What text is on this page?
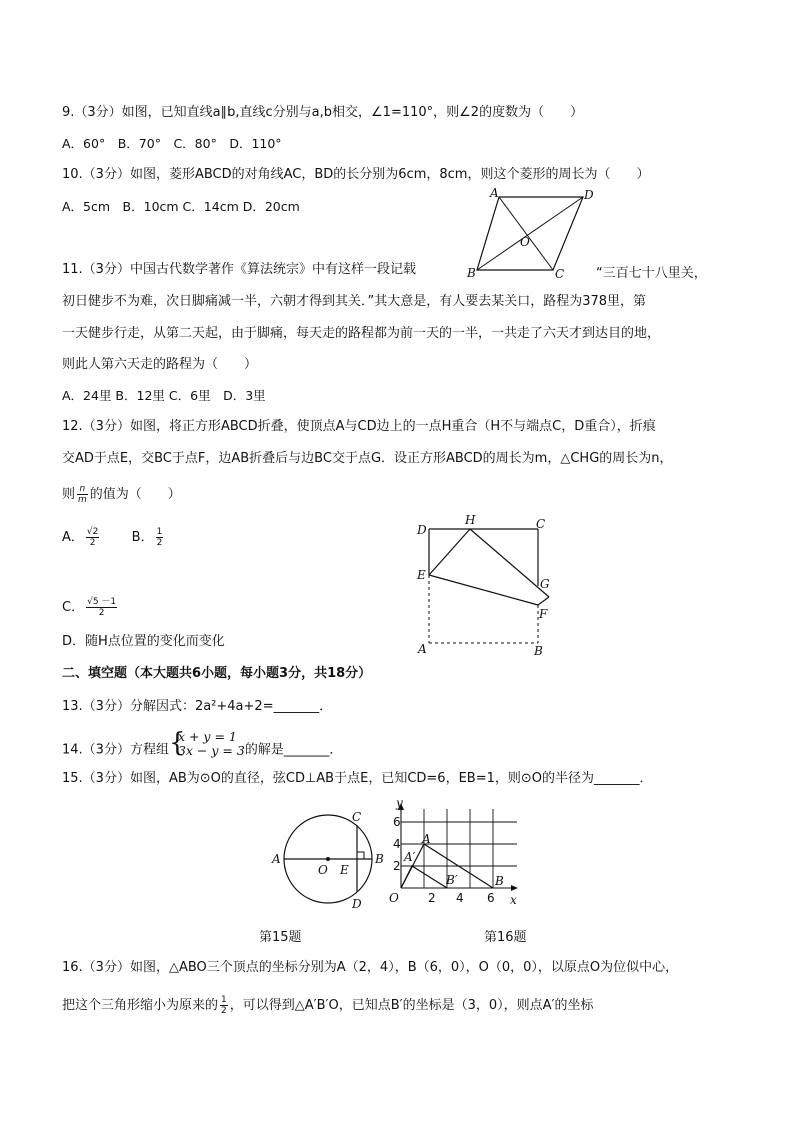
9.（3分）如图，已知直线a∥b,直线c分别与a,b相交，∠1=110°，则∠2的度数为（　　）
A．60°　B．70°　C．80°　D．110°
10.（3分）如图，菱形ABCD的对角线AC，BD的长分别为6cm，8cm，则这个菱形的周长为（　　）
A．5cm　B．10cm C．14cm D．20cm
A	D
O
B	C
11.（3分）中国古代数学著作《算法统宗》中有这样一段记载	“三百七十八里关，
初日健步不为难，次日脚痛减一半，六朝才得到其关．”其大意是，有人要去某关口，路程为378里，第
一天健步行走，从第二天起，由于脚痛，每天走的路程都为前一天的一半，一共走了六天才到达目的地，
则此人第六天走的路程为（　　）
A．24里 B．12里 C．6里　D．3里
12.（3分）如图，将正方形ABCD折叠，使顶点A与CD边上的一点H重合（H不与端点C，D重合），折痕
交AD于点E，交BC于点F，边AB折叠后与边BC交于点G．设正方形ABCD的周长为m，△CHG的周长为n，
则 $\frac{n}{m}$ 的值为（　　）
A． $\frac{√2}{2}$ B． $\frac{1}{2}$
C． $\frac{√5 -1}{2}$
D．随H点位置的变化而变化
D
H	C
E
G
F
A	B
二、填空题（本大题共6小题，每小题3分，共18分）
13.（3分）分解因式：2a²+4a+2=_______．
14.（3分）方程组 {
x + y = 1
3x − y = 3 的解是_______．
15.（3分）如图，AB为⊙O的直径，弦CD⊥AB于点E，已知CD=6，EB=1，则⊙O的半径为_______．
A	B
C
D
O E
第15题
y
x
O
6
4
2
2 4 6
A
A′
B′	B
第16题
16.（3分）如图，△ABO三个顶点的坐标分别为A（2，4），B（6，0），O（0，0），以原点O为位似中心，
把这个三角形缩小为原来的 $\frac{1}{2}$ ，可以得到△A′B′O，已知点B′的坐标是（3，0），则点A′的坐标
